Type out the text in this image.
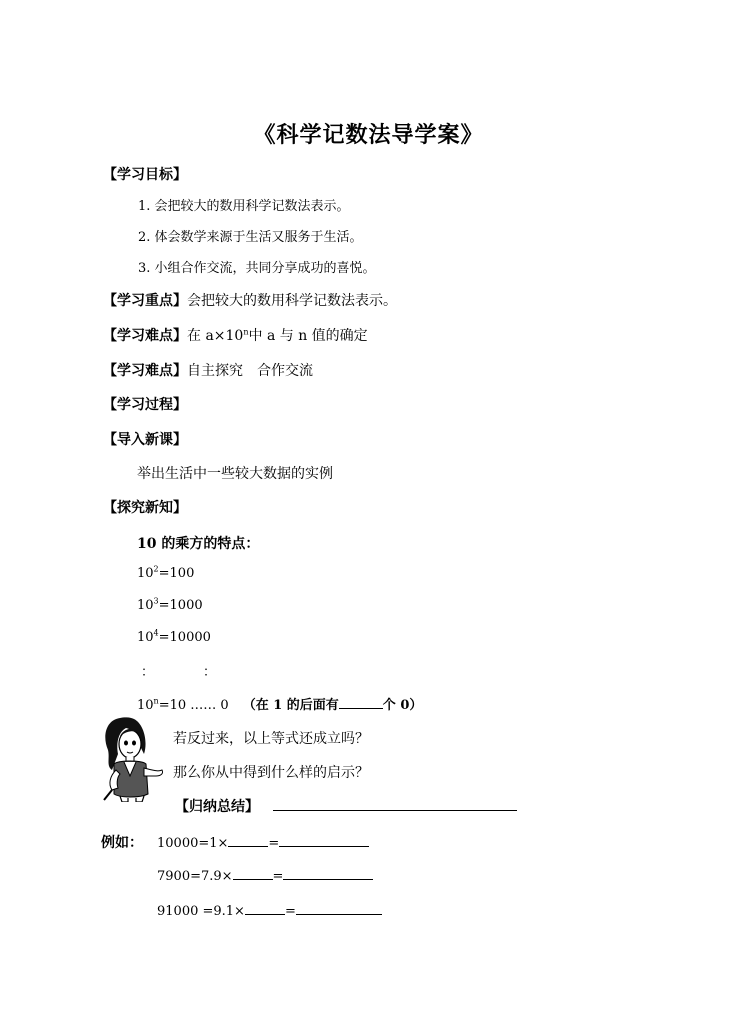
《科学记数法导学案》
【学习目标】
1. 会把较大的数用科学记数法表示。
2. 体会数学来源于生活又服务于生活。
3. 小组合作交流，共同分享成功的喜悦。
【学习重点】会把较大的数用科学记数法表示。
【学习难点】在 $a\times 10^n$中 a 与 n 值的确定
【学习难点】自主探究　合作交流
【学习过程】
【导入新课】
举出生活中一些较大数据的实例
【探究新知】
10 的乘方的特点：
$10^2=100$
$10^3=1000$
$10^4=10000$
：	：
$10^n=10$ …… 0 （在 1 的后面有	个 0）
若反过来，以上等式还成立吗？
那么你从中得到什么样的启示？
【归纳总结】
例如： 10000=1×	=
7900=7.9×	=
91000 =9.1×	=
